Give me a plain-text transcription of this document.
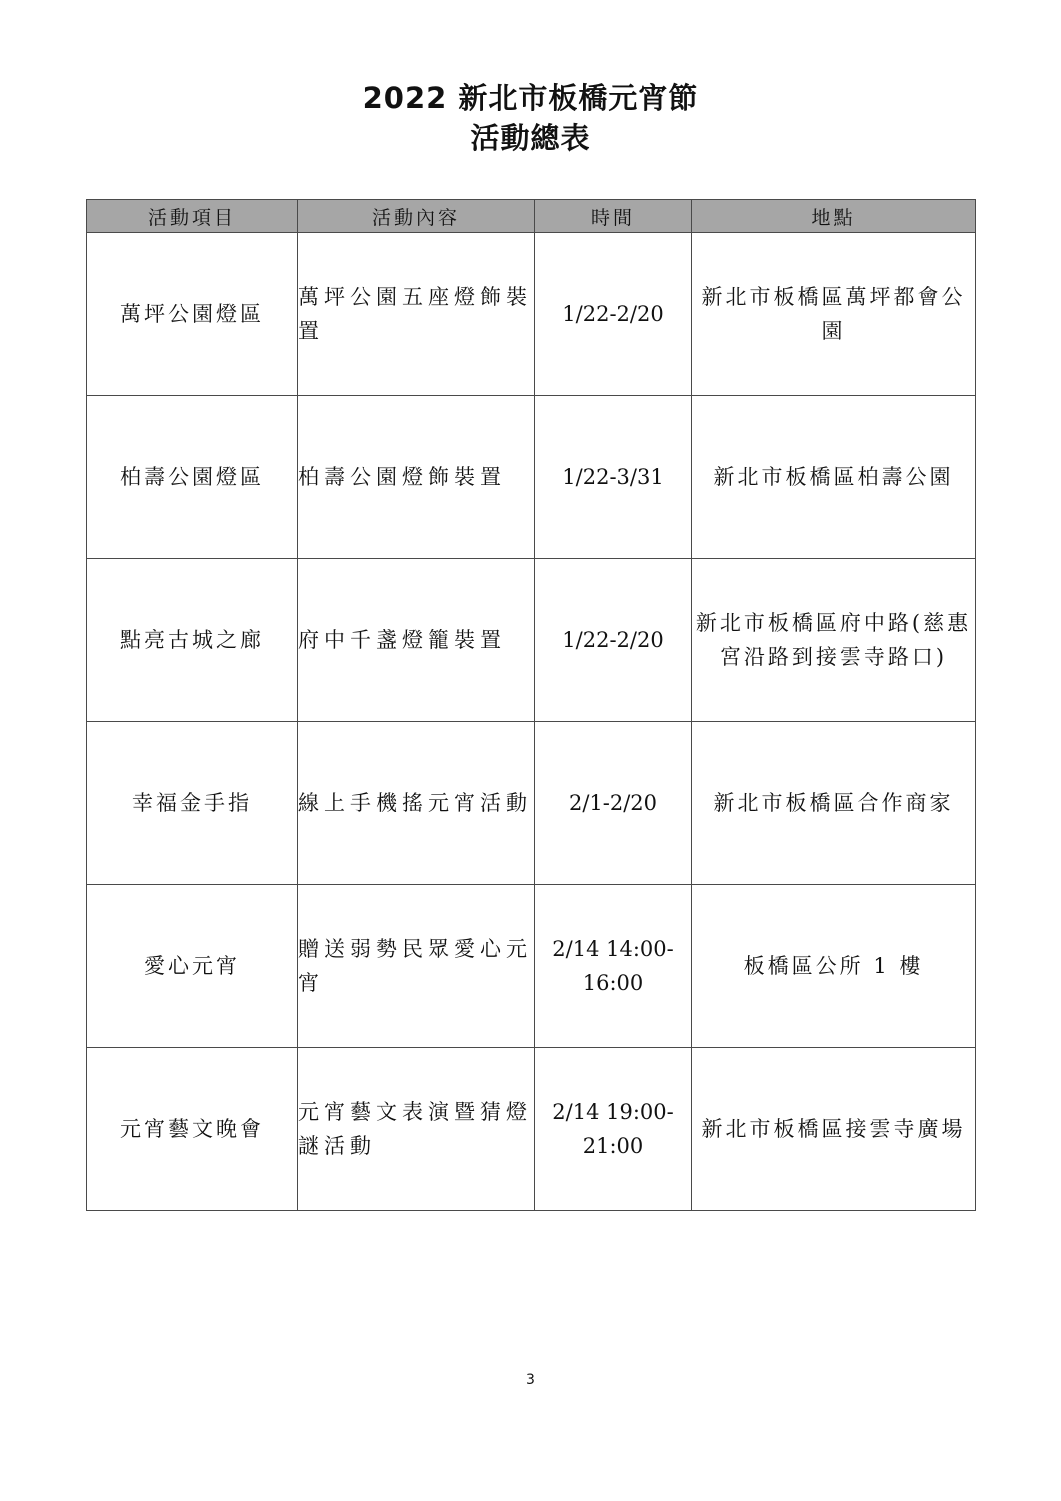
2022 新北市板橋元宵節
活動總表
活動項目	活動內容	時間	地點
萬坪公園燈區	萬坪公園五座燈飾裝置	1/22-2/20	新北市板橋區萬坪都會公園
柏壽公園燈區	柏壽公園燈飾裝置	1/22-3/31	新北市板橋區柏壽公園
點亮古城之廊	府中千盞燈籠裝置	1/22-2/20	新北市板橋區府中路(慈惠宮沿路到接雲寺路口)
幸福金手指	線上手機搖元宵活動	2/1-2/20	新北市板橋區合作商家
愛心元宵	贈送弱勢民眾愛心元宵	2/14 14:00-16:00	板橋區公所 1 樓
元宵藝文晚會	元宵藝文表演暨猜燈謎活動	2/14 19:00-21:00	新北市板橋區接雲寺廣場
3
